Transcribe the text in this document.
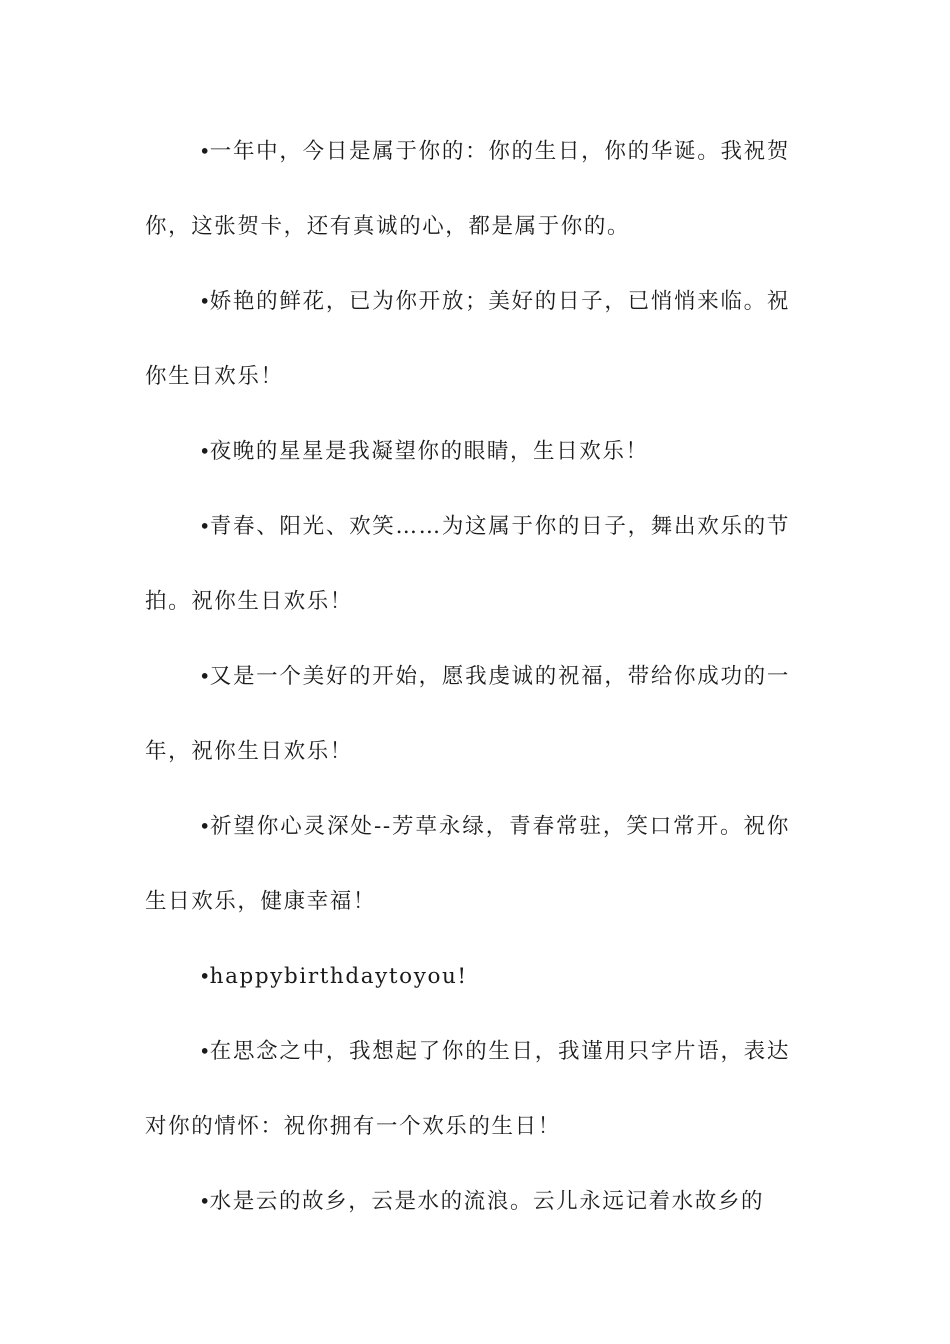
•一年中，今日是属于你的：你的生日，你的华诞。我祝贺你，这张贺卡，还有真诚的心，都是属于你的。

•娇艳的鲜花，已为你开放；美好的日子，已悄悄来临。祝你生日欢乐！

•夜晚的星星是我凝望你的眼睛，生日欢乐！

•青春、阳光、欢笑……为这属于你的日子，舞出欢乐的节拍。祝你生日欢乐！

•又是一个美好的开始，愿我虔诚的祝福，带给你成功的一年，祝你生日欢乐！

•祈望你心灵深处--芳草永绿，青春常驻，笑口常开。祝你生日欢乐，健康幸福！

•happybirthdaytoyou!

•在思念之中，我想起了你的生日，我谨用只字片语，表达对你的情怀：祝你拥有一个欢乐的生日！

•水是云的故乡，云是水的流浪。云儿永远记着水故乡的
